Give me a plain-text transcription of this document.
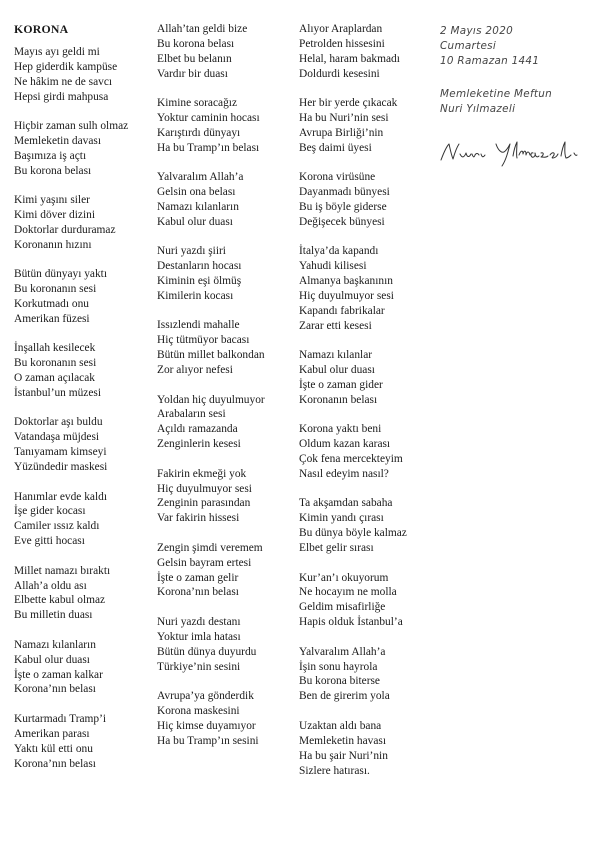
KORONA
Mayıs ayı geldi mi
Hep giderdik kampüse
Ne hâkim ne de savcı
Hepsi girdi mahpusa
Hiçbir zaman sulh olmaz
Memleketin davası
Başımıza iş açtı
Bu korona belası
Kimi yaşını siler
Kimi döver dizini
Doktorlar durduramaz
Koronanın hızını
Bütün dünyayı yaktı
Bu koronanın sesi
Korkutmadı onu
Amerikan füzesi
İnşallah kesilecek
Bu koronanın sesi
O zaman açılacak
İstanbul’un müzesi
Doktorlar aşı buldu
Vatandaşa müjdesi
Tanıyamam kimseyi
Yüzündedir maskesi
Hanımlar evde kaldı
İşe gider kocası
Camiler ıssız kaldı
Eve gitti hocası
Millet namazı bıraktı
Allah’a oldu ası
Elbette kabul olmaz
Bu milletin duası
Namazı kılanların
Kabul olur duası
İşte o zaman kalkar
Korona’nın belası
Kurtarmadı Tramp’i
Amerikan parası
Yaktı kül etti onu
Korona’nın belası
Allah’tan geldi bize
Bu korona belası
Elbet bu belanın
Vardır bir duası
Kimine soracağız
Yoktur caminin hocası
Karıştırdı dünyayı
Ha bu Tramp’ın belası
Yalvaralım Allah’a
Gelsin ona belası
Namazı kılanların
Kabul olur duası
Nuri yazdı şiiri
Destanların hocası
Kiminin eşi ölmüş
Kimilerin kocası
Issızlendi mahalle
Hiç tütmüyor bacası
Bütün millet balkondan
Zor alıyor nefesi
Yoldan hiç duyulmuyor
Arabaların sesi
Açıldı ramazanda
Zenginlerin kesesi
Fakirin ekmeği yok
Hiç duyulmuyor sesi
Zenginin parasından
Var fakirin hissesi
Zengin şimdi veremem
Gelsin bayram ertesi
İşte o zaman gelir
Korona’nın belası
Nuri yazdı destanı
Yoktur imla hatası
Bütün dünya duyurdu
Türkiye’nin sesini
Avrupa’ya gönderdik
Korona maskesini
Hiç kimse duyamıyor
Ha bu Tramp’ın sesini
Alıyor Araplardan
Petrolden hissesini
Helal, haram bakmadı
Doldurdi kesesini
Her bir yerde çıkacak
Ha bu Nuri’nin sesi
Avrupa Birliği’nin
Beş daimi üyesi
Korona virüsüne
Dayanmadı bünyesi
Bu iş böyle giderse
Değişecek bünyesi
İtalya’da kapandı
Yahudi kilisesi
Almanya başkanının
Hiç duyulmuyor sesi
Kapandı fabrikalar
Zarar etti kesesi
Namazı kılanlar
Kabul olur duası
İşte o zaman gider
Koronanın belası
Korona yaktı beni
Oldum kazan karası
Çok fena mercekteyim
Nasıl edeyim nasıl?
Ta akşamdan sabaha
Kimin yandı çırası
Bu dünya böyle kalmaz
Elbet gelir sırası
Kur’an’ı okuyorum
Ne hocayım ne molla
Geldim misafirliğe
Hapis olduk İstanbul’a
Yalvaralım Allah’a
İşin sonu hayrola
Bu korona biterse
Ben de girerim yola
Uzaktan aldı bana
Memleketin havası
Ha bu şair Nuri’nin
Sizlere hatırası.
2 Mayıs 2020
Cumartesi
10 Ramazan 1441
Memleketine Meftun
Nuri Yılmazeli
